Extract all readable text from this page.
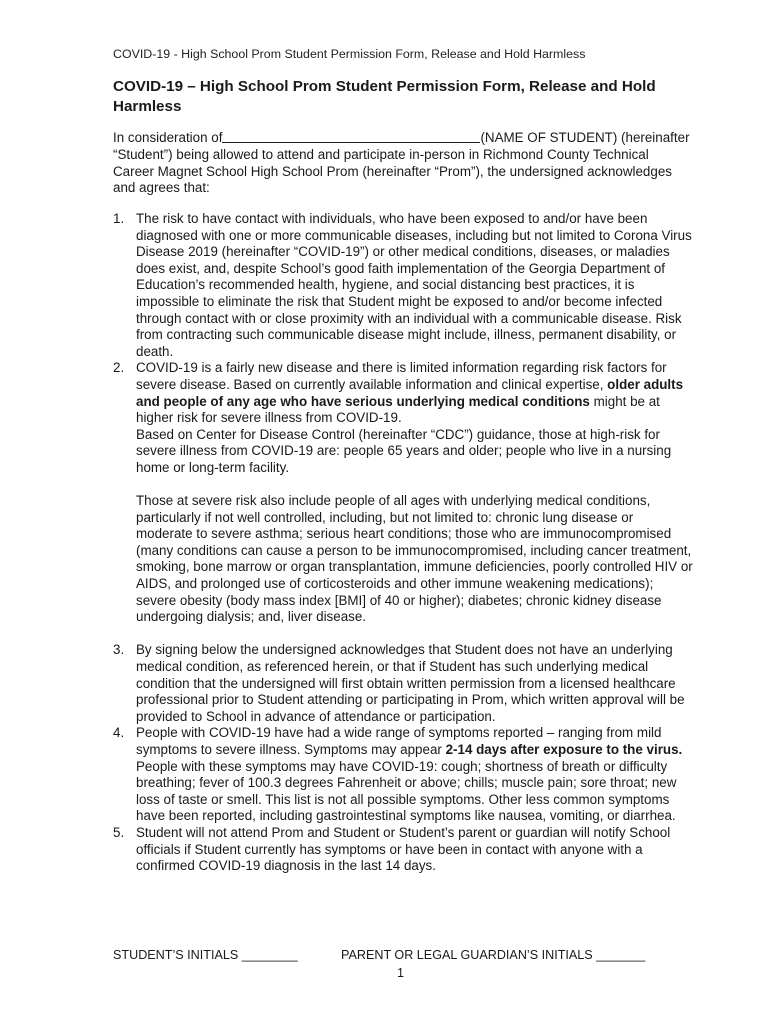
COVID-19 - High School Prom Student Permission Form, Release and Hold Harmless
COVID-19 – High School Prom Student Permission Form, Release and Hold Harmless

In consideration of	(NAME OF STUDENT) (hereinafter “Student”) being allowed to attend and participate in-person in Richmond County Technical Career Magnet School High School Prom (hereinafter “Prom”), the undersigned acknowledges and agrees that:

1. The risk to have contact with individuals, who have been exposed to and/or have been diagnosed with one or more communicable diseases, including but not limited to Corona Virus Disease 2019 (hereinafter “COVID-19”) or other medical conditions, diseases, or maladies does exist, and, despite School’s good faith implementation of the Georgia Department of Education’s recommended health, hygiene, and social distancing best practices, it is impossible to eliminate the risk that Student might be exposed to and/or become infected through contact with or close proximity with an individual with a communicable disease. Risk from contracting such communicable disease might include, illness, permanent disability, or death.

2. COVID-19 is a fairly new disease and there is limited information regarding risk factors for severe disease. Based on currently available information and clinical expertise, older adults and people of any age who have serious underlying medical conditions might be at higher risk for severe illness from COVID-19.

Based on Center for Disease Control (hereinafter “CDC”) guidance, those at high-risk for severe illness from COVID-19 are: people 65 years and older; people who live in a nursing home or long-term facility.

Those at severe risk also include people of all ages with underlying medical conditions, particularly if not well controlled, including, but not limited to: chronic lung disease or moderate to severe asthma; serious heart conditions; those who are immunocompromised (many conditions can cause a person to be immunocompromised, including cancer treatment, smoking, bone marrow or organ transplantation, immune deficiencies, poorly controlled HIV or AIDS, and prolonged use of corticosteroids and other immune weakening medications); severe obesity (body mass index [BMI] of 40 or higher); diabetes; chronic kidney disease undergoing dialysis; and, liver disease.

3. By signing below the undersigned acknowledges that Student does not have an underlying medical condition, as referenced herein, or that if Student has such underlying medical condition that the undersigned will first obtain written permission from a licensed healthcare professional prior to Student attending or participating in Prom, which written approval will be provided to School in advance of attendance or participation.

4. People with COVID-19 have had a wide range of symptoms reported – ranging from mild symptoms to severe illness. Symptoms may appear 2-14 days after exposure to the virus. People with these symptoms may have COVID-19: cough; shortness of breath or difficulty breathing; fever of 100.3 degrees Fahrenheit or above; chills; muscle pain; sore throat; new loss of taste or smell. This list is not all possible symptoms. Other less common symptoms have been reported, including gastrointestinal symptoms like nausea, vomiting, or diarrhea.

5. Student will not attend Prom and Student or Student’s parent or guardian will notify School officials if Student currently has symptoms or have been in contact with anyone with a confirmed COVID-19 diagnosis in the last 14 days.

STUDENT’S INITIALS ________	PARENT OR LEGAL GUARDIAN’S INITIALS _______
1
